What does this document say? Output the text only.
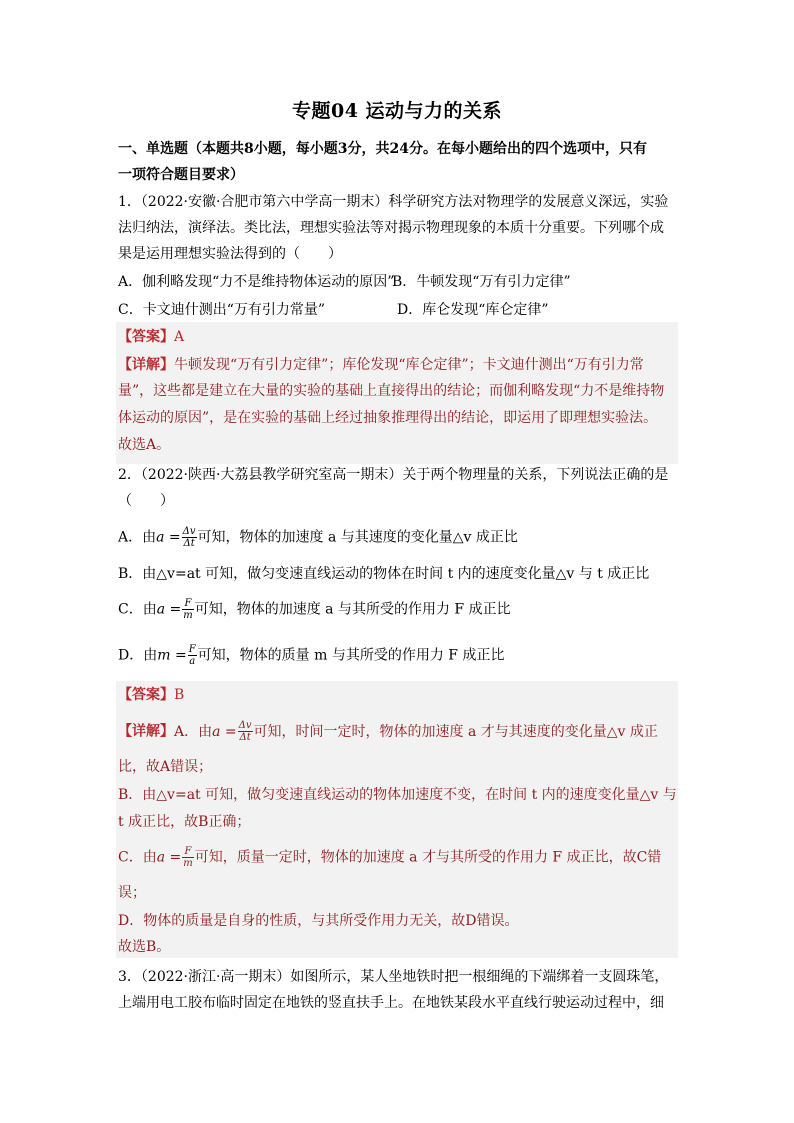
专题04 运动与力的关系
一、单选题（本题共8小题，每小题3分，共24分。在每小题给出的四个选项中，只有
一项符合题目要求）
1．（2022·安徽·合肥市第六中学高一期末）科学研究方法对物理学的发展意义深远，实验
法归纳法，演绎法。类比法，理想实验法等对揭示物理现象的本质十分重要。下列哪个成
果是运用理想实验法得到的（　　）
A．伽利略发现“力不是维持物体运动的原因”
B．牛顿发现“万有引力定律”
C．卡文迪什测出“万有引力常量”	D．库仑发现“库仑定律”
【答案】A
【详解】牛顿发现“万有引力定律”；库伦发现“库仑定律”；卡文迪什测出“万有引力常
量”，这些都是建立在大量的实验的基础上直接得出的结论；而伽利略发现“力不是维持物
体运动的原因”，是在实验的基础上经过抽象推理得出的结论，即运用了即理想实验法。
故选A。
2．（2022·陕西·大荔县教学研究室高一期末）关于两个物理量的关系，下列说法正确的是
（　　）
A．由$a = \frac{\Delta v}{\Delta t}$ 可知，物体的加速度 a 与其速度的变化量△v 成正比
B．由△v=at 可知，做匀变速直线运动的物体在时间 t 内的速度变化量△v 与 t 成正比
C．由$a = \frac{F}{m}$ 可知，物体的加速度 a 与其所受的作用力 F 成正比
D．由$m = \frac{F}{a}$ 可知，物体的质量 m 与其所受的作用力 F 成正比
【答案】B
【详解】A．由$a = \frac{\Delta v}{\Delta t}$ 可知，时间一定时，物体的加速度 a 才与其速度的变化量△v 成正
比，故A错误；
B．由△v=at 可知，做匀变速直线运动的物体加速度不变，在时间 t 内的速度变化量△v 与
t 成正比，故B正确；
C．由$a = \frac{F}{m}$ 可知，质量一定时，物体的加速度 a 才与其所受的作用力 F 成正比，故C错
误；
D．物体的质量是自身的性质，与其所受作用力无关，故D错误。
故选B。
3．（2022·浙江·高一期末）如图所示，某人坐地铁时把一根细绳的下端绑着一支圆珠笔，
上端用电工胶布临时固定在地铁的竖直扶手上。在地铁某段水平直线行驶运动过程中，细
